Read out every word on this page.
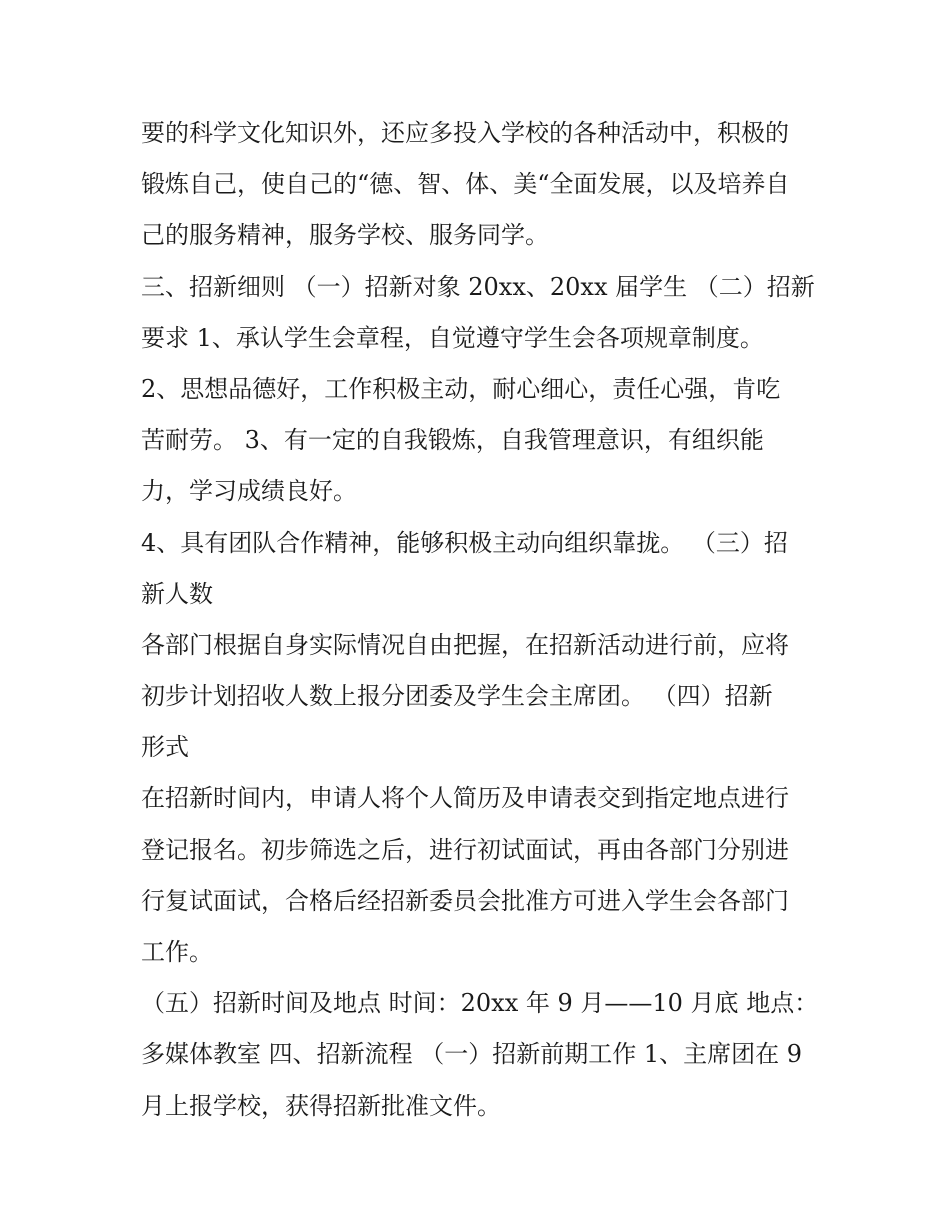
要的科学文化知识外，还应多投入学校的各种活动中，积极的
锻炼自己，使自己的“德、智、体、美“全面发展，以及培养自
己的服务精神，服务学校、服务同学。
三、招新细则 （一）招新对象 20xx、20xx 届学生 （二）招新
要求 1、承认学生会章程，自觉遵守学生会各项规章制度。
2、思想品德好，工作积极主动，耐心细心，责任心强，肯吃
苦耐劳。 3、有一定的自我锻炼，自我管理意识，有组织能
力，学习成绩良好。
4、具有团队合作精神，能够积极主动向组织靠拢。 （三）招
新人数
各部门根据自身实际情况自由把握，在招新活动进行前，应将
初步计划招收人数上报分团委及学生会主席团。 （四）招新
形式
在招新时间内，申请人将个人简历及申请表交到指定地点进行
登记报名。初步筛选之后，进行初试面试，再由各部门分别进
行复试面试，合格后经招新委员会批准方可进入学生会各部门
工作。
（五）招新时间及地点 时间：20xx 年 9 月——10 月底 地点：
多媒体教室 四、招新流程 （一）招新前期工作 1、主席团在 9
月上报学校，获得招新批准文件。
